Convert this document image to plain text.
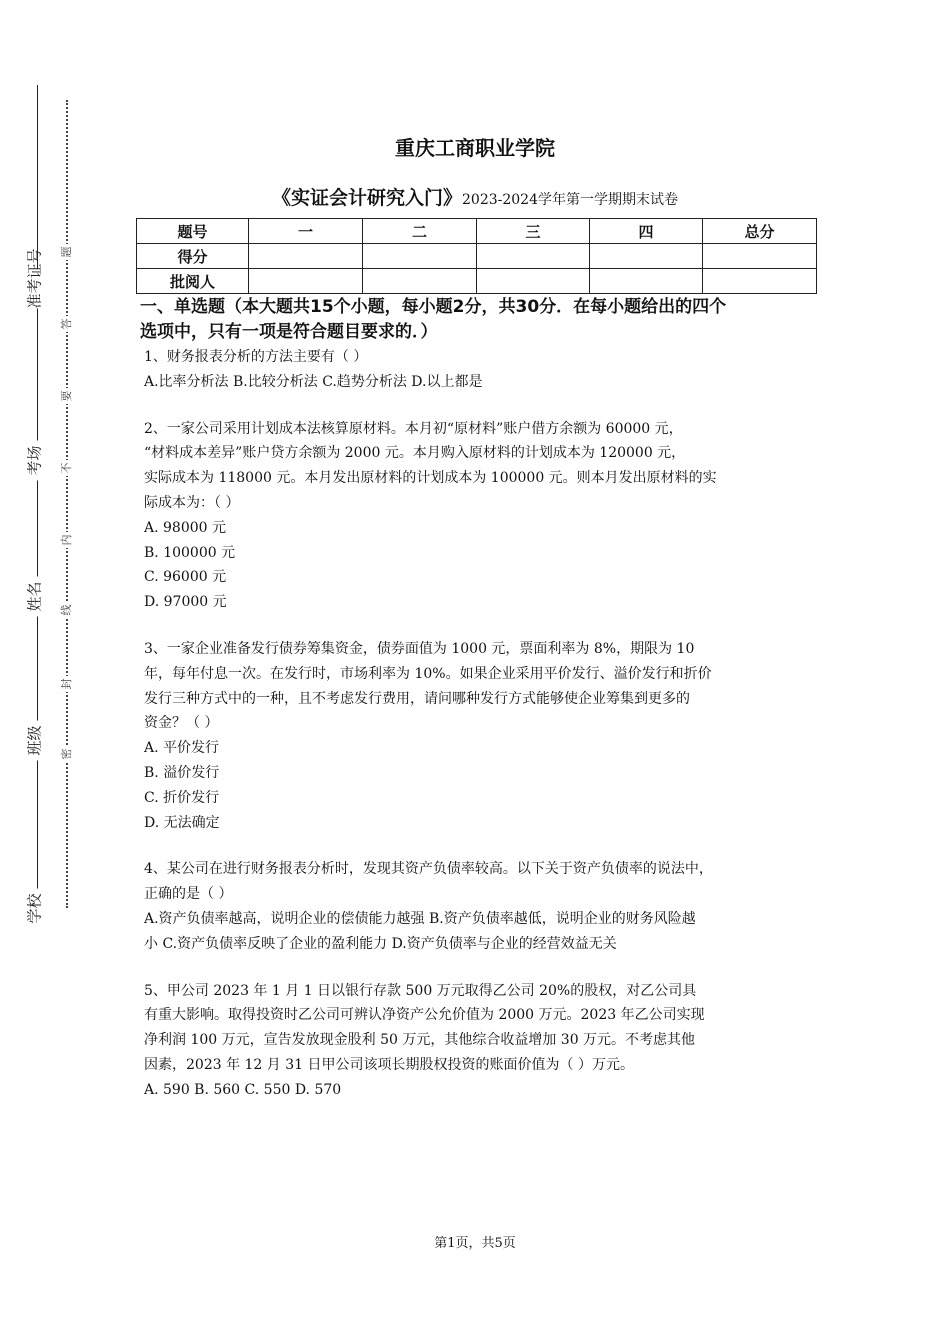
准考证号
考场
姓名
班级
学校
题
答
要
不
内
线
封
密
重庆工商职业学院
《实证会计研究入门》2023-2024学年第一学期期末试卷
题号	一	二	三	四	总分
得分					
批阅人					
一、单选题（本大题共15个小题，每小题2分，共30分．在每小题给出的四个
选项中，只有一项是符合题目要求的．）
1、财务报表分析的方法主要有（ ）
A.比率分析法 B.比较分析法 C.趋势分析法 D.以上都是
2、一家公司采用计划成本法核算原材料。本月初“原材料”账户借方余额为 60000 元，
“材料成本差异”账户贷方余额为 2000 元。本月购入原材料的计划成本为 120000 元，
实际成本为 118000 元。本月发出原材料的计划成本为 100000 元。则本月发出原材料的实
际成本为：（ ）
A. 98000 元
B. 100000 元
C. 96000 元
D. 97000 元
3、一家企业准备发行债券筹集资金，债券面值为 1000 元，票面利率为 8%，期限为 10
年，每年付息一次。在发行时，市场利率为 10%。如果企业采用平价发行、溢价发行和折价
发行三种方式中的一种，且不考虑发行费用，请问哪种发行方式能够使企业筹集到更多的
资金？（ ）
A. 平价发行
B. 溢价发行
C. 折价发行
D. 无法确定
4、某公司在进行财务报表分析时，发现其资产负债率较高。以下关于资产负债率的说法中，
正确的是（ ）
A.资产负债率越高，说明企业的偿债能力越强 B.资产负债率越低，说明企业的财务风险越
小 C.资产负债率反映了企业的盈利能力 D.资产负债率与企业的经营效益无关
5、甲公司 2023 年 1 月 1 日以银行存款 500 万元取得乙公司 20%的股权，对乙公司具
有重大影响。取得投资时乙公司可辨认净资产公允价值为 2000 万元。2023 年乙公司实现
净利润 100 万元，宣告发放现金股利 50 万元，其他综合收益增加 30 万元。不考虑其他
因素，2023 年 12 月 31 日甲公司该项长期股权投资的账面价值为（ ）万元。
A. 590 B. 560 C. 550 D. 570
第1页，共5页
